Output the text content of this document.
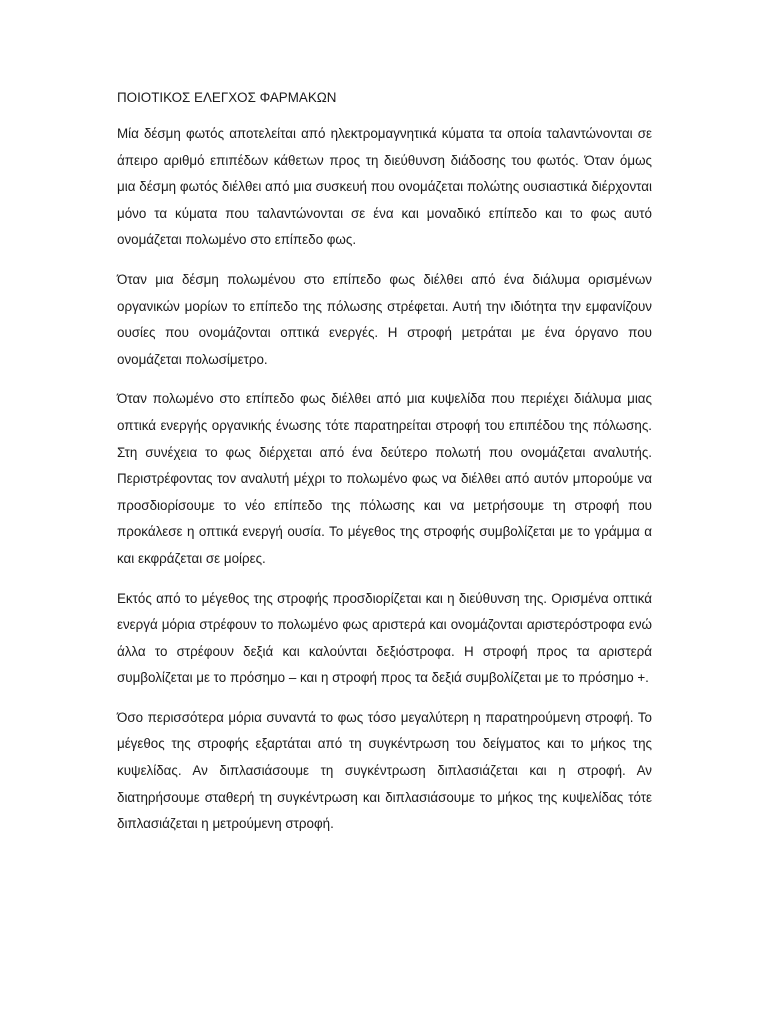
ΠΟΙΟΤΙΚΟΣ ΕΛΕΓΧΟΣ ΦΑΡΜΑΚΩΝ

Μία δέσμη φωτός αποτελείται από ηλεκτρομαγνητικά κύματα τα οποία ταλαντώνονται σε άπειρο αριθμό επιπέδων κάθετων προς τη διεύθυνση διάδοσης του φωτός. Όταν όμως μια δέσμη φωτός διέλθει από μια συσκευή που ονομάζεται πολώτης ουσιαστικά διέρχονται μόνο τα κύματα που ταλαντώνονται σε ένα και μοναδικό επίπεδο και το φως αυτό ονομάζεται πολωμένο στο επίπεδο φως.

Όταν μια δέσμη πολωμένου στο επίπεδο φως διέλθει από ένα διάλυμα ορισμένων οργανικών μορίων το επίπεδο της πόλωσης στρέφεται. Αυτή την ιδιότητα την εμφανίζουν ουσίες που ονομάζονται οπτικά ενεργές. Η στροφή μετράται με ένα όργανο που ονομάζεται πολωσίμετρο.

Όταν πολωμένο στο επίπεδο φως διέλθει από μια κυψελίδα που περιέχει διάλυμα μιας οπτικά ενεργής οργανικής ένωσης τότε παρατηρείται στροφή του επιπέδου της πόλωσης. Στη συνέχεια το φως διέρχεται από ένα δεύτερο πολωτή που ονομάζεται αναλυτής. Περιστρέφοντας τον αναλυτή μέχρι το πολωμένο φως να διέλθει από αυτόν μπορούμε να προσδιορίσουμε το νέο επίπεδο της πόλωσης και να μετρήσουμε τη στροφή που προκάλεσε η οπτικά ενεργή ουσία. Το μέγεθος της στροφής συμβολίζεται με το γράμμα α και εκφράζεται σε μοίρες.

Εκτός από το μέγεθος της στροφής προσδιορίζεται και η διεύθυνση της. Ορισμένα οπτικά ενεργά μόρια στρέφουν το πολωμένο φως αριστερά και ονομάζονται αριστερόστροφα ενώ άλλα το στρέφουν δεξιά και καλούνται δεξιόστροφα. Η στροφή προς τα αριστερά συμβολίζεται με το πρόσημο – και η στροφή προς τα δεξιά συμβολίζεται με το πρόσημο +.

Όσο περισσότερα μόρια συναντά το φως τόσο μεγαλύτερη η παρατηρούμενη στροφή. Το μέγεθος της στροφής εξαρτάται από τη συγκέντρωση του δείγματος και το μήκος της κυψελίδας. Αν διπλασιάσουμε τη συγκέντρωση διπλασιάζεται και η στροφή. Αν διατηρήσουμε σταθερή τη συγκέντρωση και διπλασιάσουμε το μήκος της κυψελίδας τότε διπλασιάζεται η μετρούμενη στροφή.
